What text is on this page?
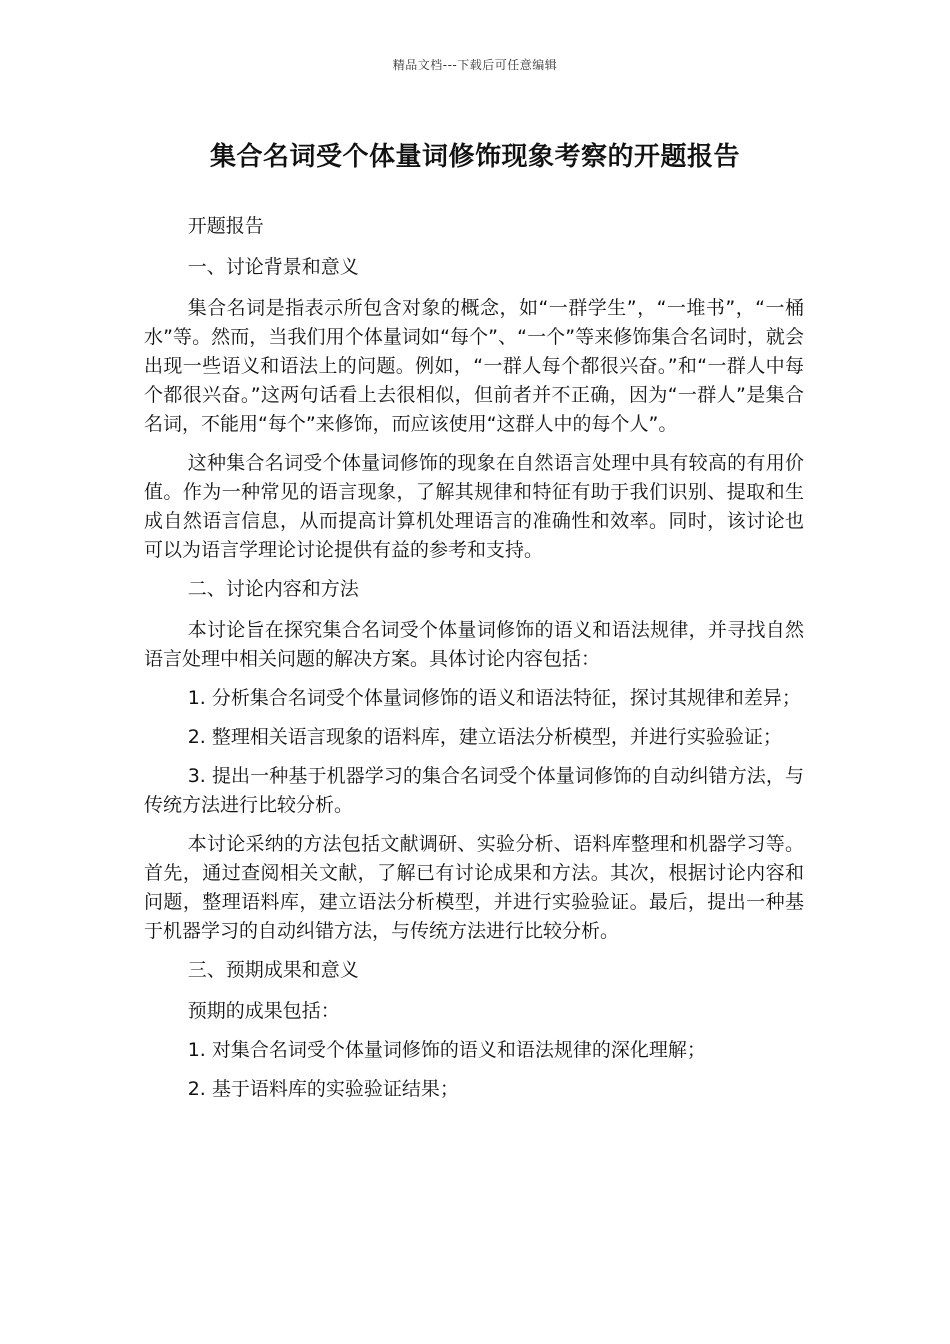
精品文档---下载后可任意编辑
集合名词受个体量词修饰现象考察的开题报告

开题报告

一、讨论背景和意义

集合名词是指表示所包含对象的概念，如“一群学生”，“一堆书”，“一桶水”等。然而，当我们用个体量词如“每个”、“一个”等来修饰集合名词时，就会出现一些语义和语法上的问题。例如，“一群人每个都很兴奋。”和“一群人中每个都很兴奋。”这两句话看上去很相似，但前者并不正确，因为“一群人”是集合名词，不能用“每个”来修饰，而应该使用“这群人中的每个人”。

这种集合名词受个体量词修饰的现象在自然语言处理中具有较高的有用价值。作为一种常见的语言现象，了解其规律和特征有助于我们识别、提取和生成自然语言信息，从而提高计算机处理语言的准确性和效率。同时，该讨论也可以为语言学理论讨论提供有益的参考和支持。

二、讨论内容和方法

本讨论旨在探究集合名词受个体量词修饰的语义和语法规律，并寻找自然语言处理中相关问题的解决方案。具体讨论内容包括：

1. 分析集合名词受个体量词修饰的语义和语法特征，探讨其规律和差异；

2. 整理相关语言现象的语料库，建立语法分析模型，并进行实验验证；

3. 提出一种基于机器学习的集合名词受个体量词修饰的自动纠错方法，与传统方法进行比较分析。

本讨论采纳的方法包括文献调研、实验分析、语料库整理和机器学习等。首先，通过查阅相关文献，了解已有讨论成果和方法。其次，根据讨论内容和问题，整理语料库，建立语法分析模型，并进行实验验证。最后，提出一种基于机器学习的自动纠错方法，与传统方法进行比较分析。

三、预期成果和意义

预期的成果包括：

1. 对集合名词受个体量词修饰的语义和语法规律的深化理解；

2. 基于语料库的实验验证结果；
